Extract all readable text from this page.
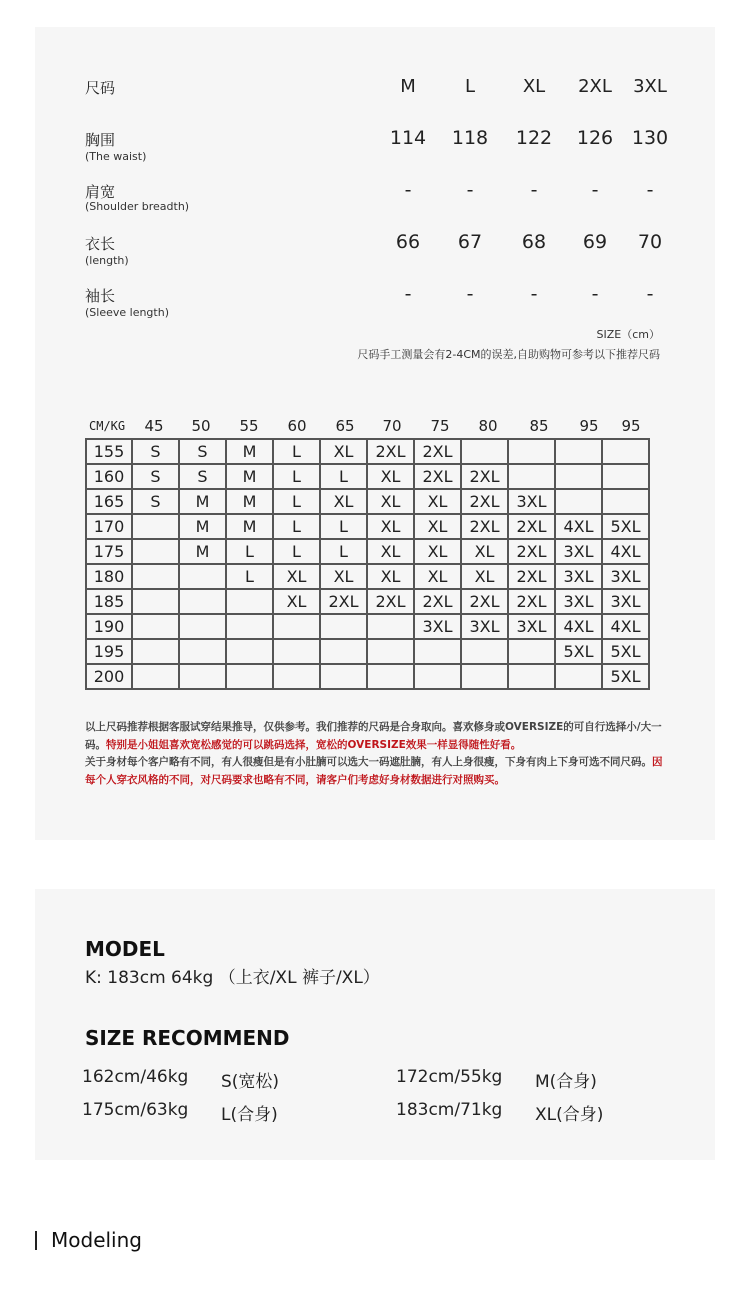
尺码	M	L	XL	2XL	3XL
胸围
(The waist)
114	118	122	126 130
肩宽
(Shoulder breadth)
-	-	-	-	-
衣长
(length)
66	67	68	69	70
袖长
(Sleeve length)
-	-	-	-	-
SIZE（cm）
尺码手工测量会有2-4CM的误差,自助购物可参考以下推荐尺码
CM/KG	45	50	55	60	65	70	75	80	85	95	95
155	S	S	M	L	XL	2XL	2XL				
160	S	S	M	L	L	XL	2XL	2XL			
165	S	M	M	L	XL	XL	XL	2XL	3XL		
170		M	M	L	L	XL	XL	2XL	2XL	4XL	5XL
175		M	L	L	L	XL	XL	XL	2XL	3XL	4XL
180			L	XL	XL	XL	XL	XL	2XL	3XL	3XL
185				XL	2XL	2XL	2XL	2XL	2XL	3XL	3XL
190							3XL	3XL	3XL	4XL	4XL
195										5XL	5XL
200											5XL
以上尺码推荐根据客服试穿结果推导，仅供参考。我们推荐的尺码是合身取向。喜欢修身或OVERSIZE的可自行选择小/大一码。特别是小姐姐喜欢宽松感觉的可以跳码选择，宽松的OVERSIZE效果一样显得随性好看。
关于身材每个客户略有不同，有人很瘦但是有小肚腩可以选大一码遮肚腩，有人上身很瘦，下身有肉上下身可选不同尺码。因每个人穿衣风格的不同，对尺码要求也略有不同，请客户们考虑好身材数据进行对照购买。
MODEL
K: 183cm 64kg （上衣/XL 裤子/XL）
SIZE RECOMMEND
162cm/46kg S(宽松)	172cm/55kg M(合身)
175cm/63kg L(合身)	183cm/71kg XL(合身)
Modeling
